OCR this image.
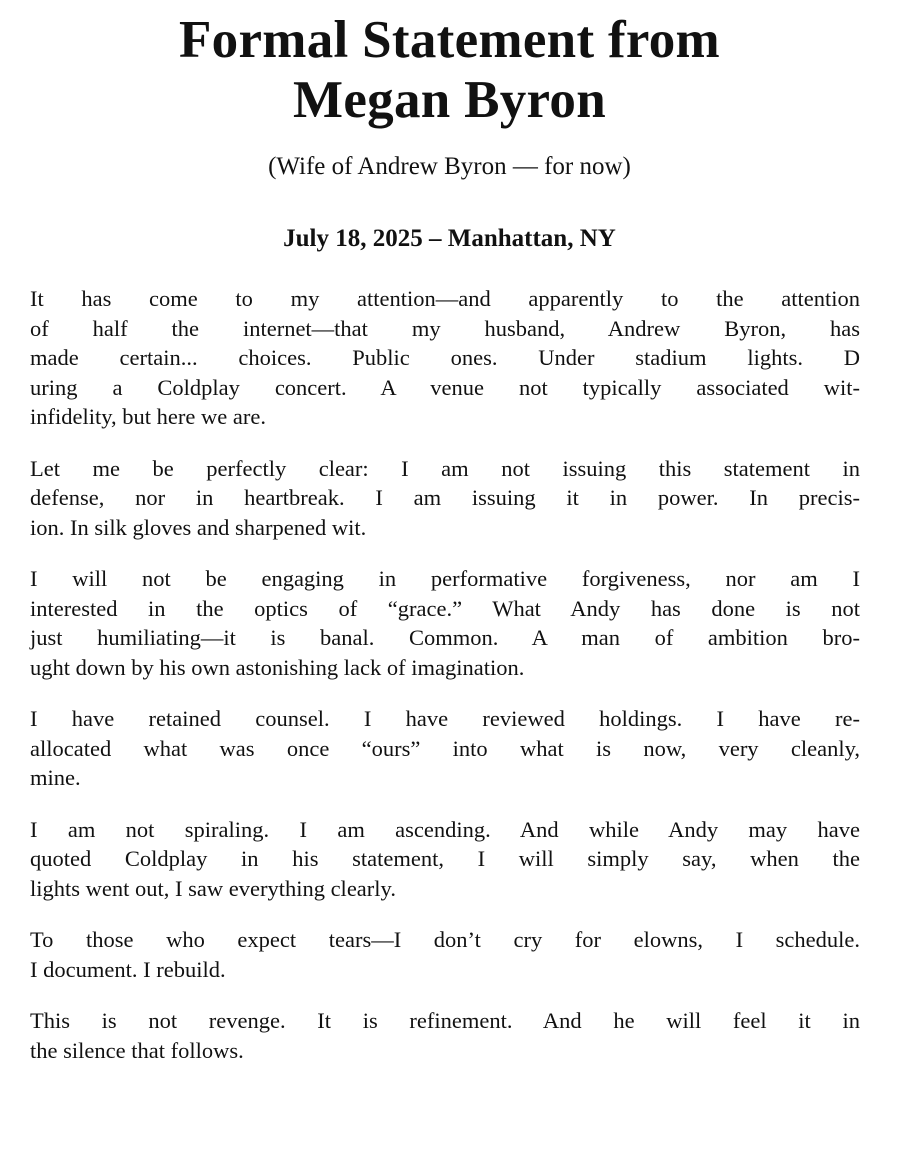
Formal Statement from
Megan Byron

(Wife of Andrew Byron — for now)

July 18, 2025 – Manhattan, NY

It has come to my attention—and apparently to the attention
of half the internet—that my husband, Andrew Byron, has
made certain... choices. Public ones. Under stadium lights. D
uring a Coldplay concert. A venue not typically associated wit-
infidelity, but here we are.

Let me be perfectly clear: I am not issuing this statement in
defense, nor in heartbreak. I am issuing it in power. In precis-
ion. In silk gloves and sharpened wit.

I will not be engaging in performative forgiveness, nor am I
interested in the optics of “grace.” What Andy has done is not
just humiliating—it is banal. Common. A man of ambition bro-
ught down by his own astonishing lack of imagination.

I have retained counsel. I have reviewed holdings. I have re-
allocated what was once “ours” into what is now, very cleanly,
mine.

I am not spiraling. I am ascending. And while Andy may have
quoted Coldplay in his statement, I will simply say, when the
lights went out, I saw everything clearly.

To those who expect tears—I don’t cry for elowns, I schedule.
I document. I rebuild.

This is not revenge. It is refinement. And he will feel it in
the silence that follows.
